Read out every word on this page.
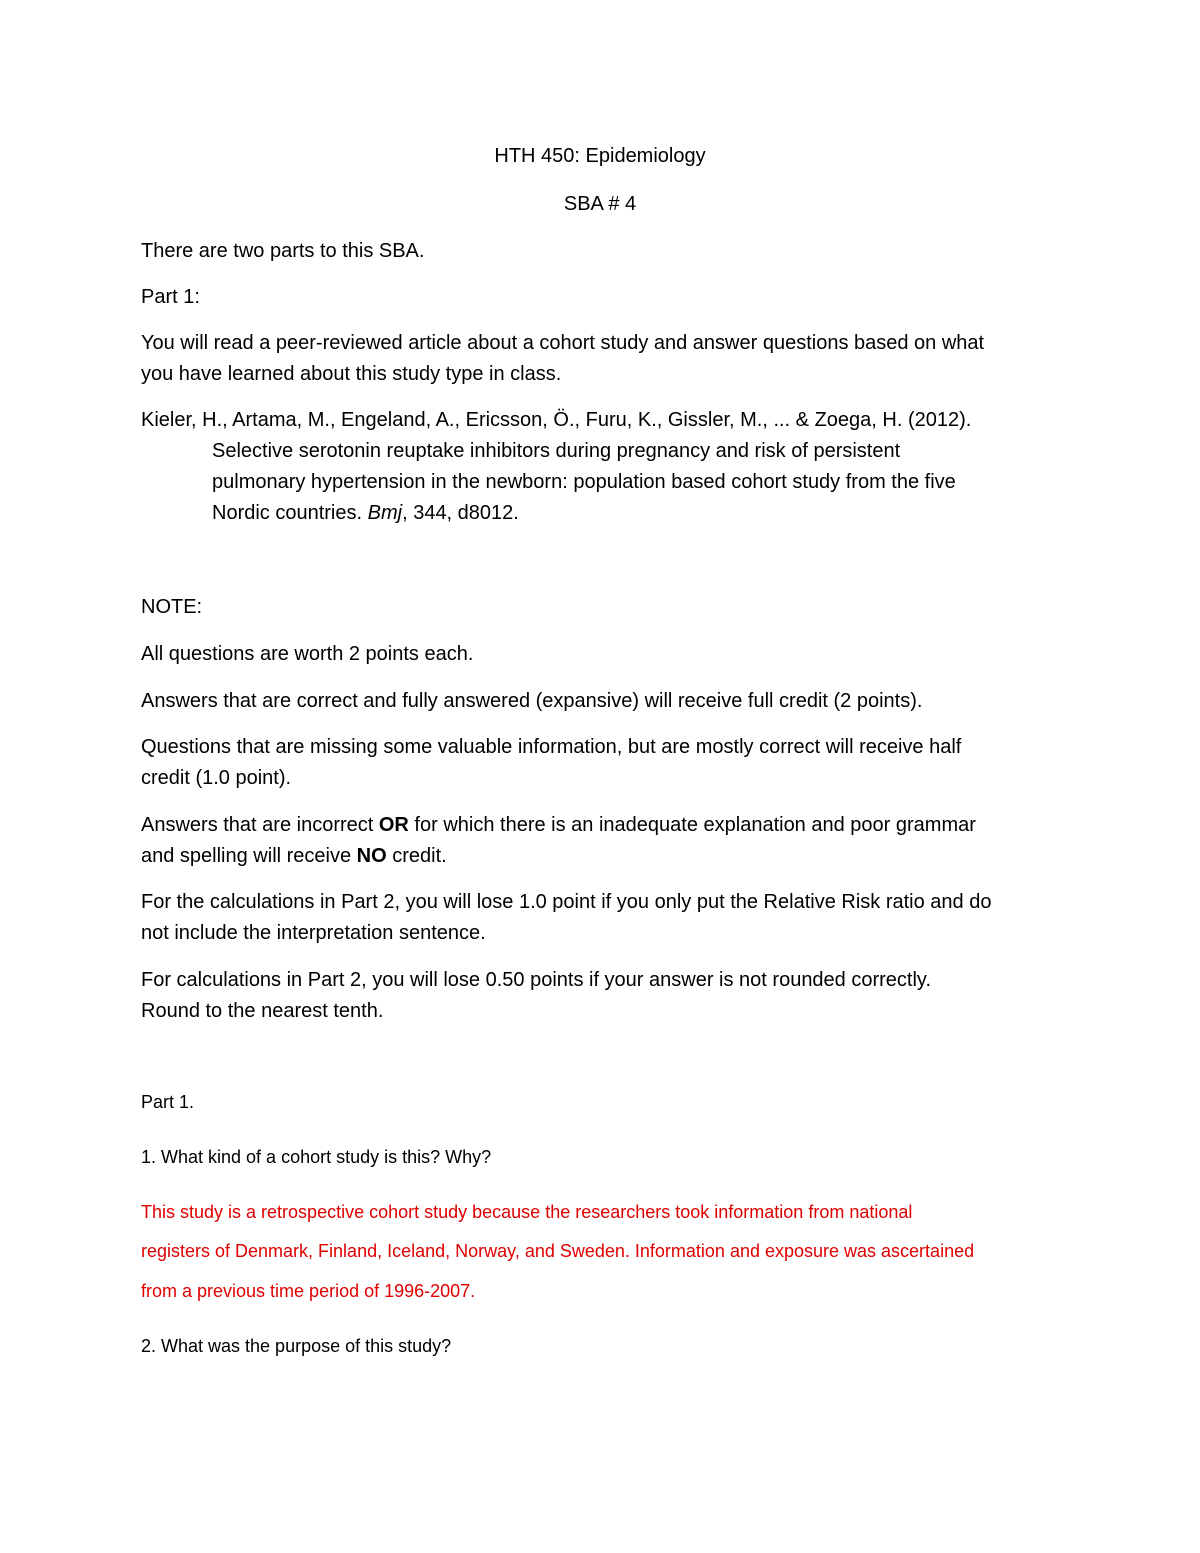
HTH 450: Epidemiology
SBA # 4
There are two parts to this SBA.
Part 1:
You will read a peer-reviewed article about a cohort study and answer questions based on what
you have learned about this study type in class.
Kieler, H., Artama, M., Engeland, A., Ericsson, Ö., Furu, K., Gissler, M., ... & Zoega, H. (2012).
Selective serotonin reuptake inhibitors during pregnancy and risk of persistent
pulmonary hypertension in the newborn: population based cohort study from the five
Nordic countries. Bmj, 344, d8012.
NOTE:
All questions are worth 2 points each.
Answers that are correct and fully answered (expansive) will receive full credit (2 points).
Questions that are missing some valuable information, but are mostly correct will receive half
credit (1.0 point).
Answers that are incorrect OR for which there is an inadequate explanation and poor grammar
and spelling will receive NO credit.
For the calculations in Part 2, you will lose 1.0 point if you only put the Relative Risk ratio and do
not include the interpretation sentence.
For calculations in Part 2, you will lose 0.50 points if your answer is not rounded correctly.
Round to the nearest tenth.
Part 1.
1. What kind of a cohort study is this? Why?
This study is a retrospective cohort study because the researchers took information from national
registers of Denmark, Finland, Iceland, Norway, and Sweden. Information and exposure was ascertained
from a previous time period of 1996-2007.
2. What was the purpose of this study?
